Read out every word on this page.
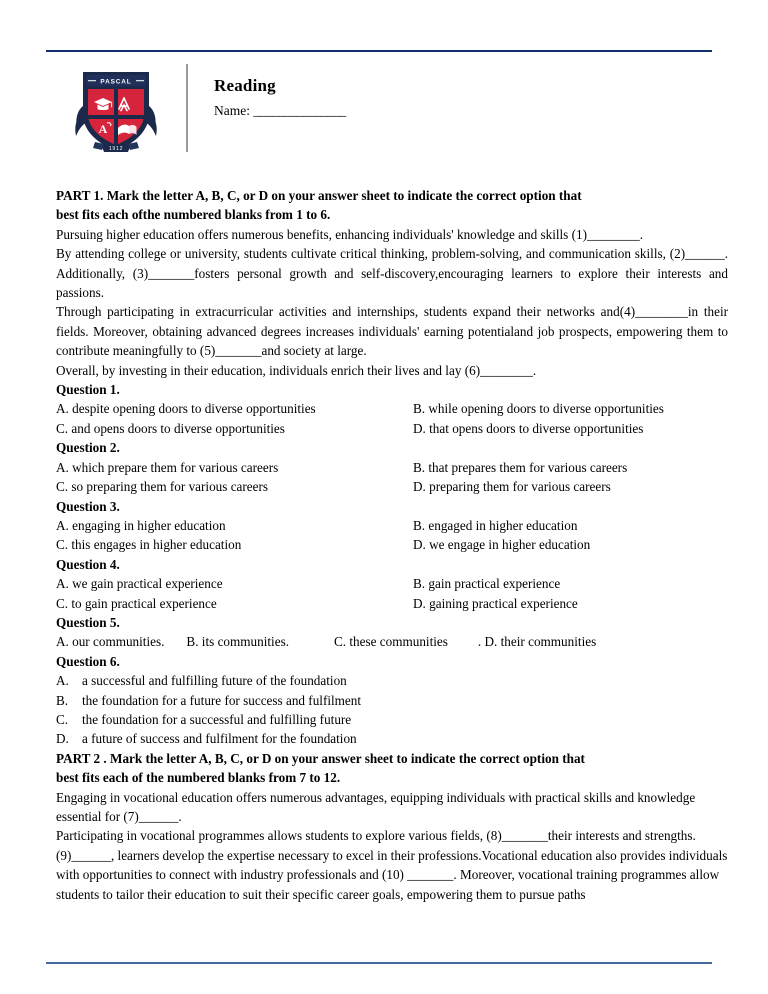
PASCAL
A
1912
Reading
Name: _______________
PART 1. Mark the letter A, B, C, or D on your answer sheet to indicate the correct option that
best fits each ofthe numbered blanks from 1 to 6.
Pursuing higher education offers numerous benefits, enhancing individuals' knowledge and skills (1)________.
By attending college or university, students cultivate critical thinking, problem-solving, and communication skills, (2)______. Additionally, (3)_______fosters personal growth and self-discovery,encouraging learners to explore their interests and passions.
Through participating in extracurricular activities and internships, students expand their networks and(4)________in their fields. Moreover, obtaining advanced degrees increases individuals' earning potentialand job prospects, empowering them to contribute meaningfully to (5)_______and society at large.
Overall, by investing in their education, individuals enrich their lives and lay (6)________.
Question 1.
A. despite opening doors to diverse opportunities	B. while opening doors to diverse opportunities
C. and opens doors to diverse opportunities	D. that opens doors to diverse opportunities
Question 2.
A. which prepare them for various careers	B. that prepares them for various careers
C. so preparing them for various careers	D. preparing them for various careers
Question 3.
A. engaging in higher education	B. engaged in higher education
C. this engages in higher education	D. we engage in higher education
Question 4.
A. we gain practical experience	B. gain practical experience
C. to gain practical experience	D. gaining practical experience
Question 5.
A. our communities. B. its communities.	C. these communities . D. their communities
Question 6.
A. a successful and fulfilling future of the foundation
B.	the foundation for a future for success and fulfilment
C.	the foundation for a successful and fulfilling future
D. a future of success and fulfilment for the foundation
PART 2 . Mark the letter A, B, C, or D on your answer sheet to indicate the correct option that
best fits each of the numbered blanks from 7 to 12.
Engaging in vocational education offers numerous advantages, equipping individuals with practical skills and knowledge essential for (7)______.
Participating in vocational programmes allows students to explore various fields, (8)_______their interests and strengths. (9)______, learners develop the expertise necessary to excel in their professions.Vocational education also provides individuals with opportunities to connect with industry professionals and (10) _______. Moreover, vocational training programmes allow students to tailor their education to suit their specific career goals, empowering them to pursue paths
